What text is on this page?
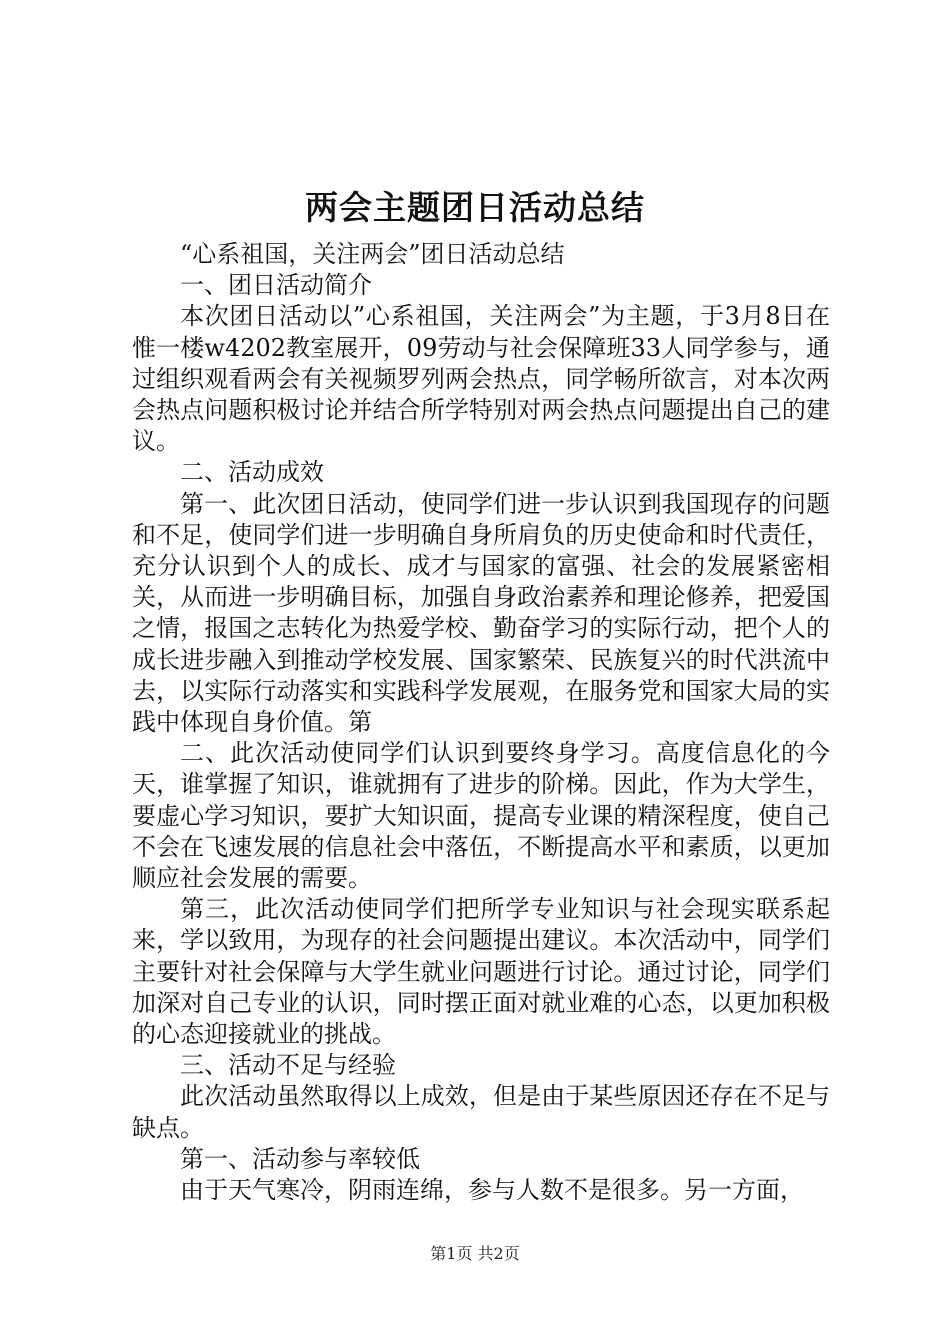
两会主题团日活动总结

“心系祖国，关注两会”团日活动总结

一、团日活动简介

本次团日活动以”心系祖国，关注两会”为主题，于3月8日在惟一楼w4202教室展开，09劳动与社会保障班33人同学参与，通过组织观看两会有关视频罗列两会热点，同学畅所欲言，对本次两会热点问题积极讨论并结合所学特别对两会热点问题提出自己的建议。

二、活动成效

第一、此次团日活动，使同学们进一步认识到我国现存的问题和不足，使同学们进一步明确自身所肩负的历史使命和时代责任，充分认识到个人的成长、成才与国家的富强、社会的发展紧密相关，从而进一步明确目标，加强自身政治素养和理论修养，把爱国之情，报国之志转化为热爱学校、勤奋学习的实际行动，把个人的成长进步融入到推动学校发展、国家繁荣、民族复兴的时代洪流中去，以实际行动落实和实践科学发展观，在服务党和国家大局的实践中体现自身价值。第

二、此次活动使同学们认识到要终身学习。高度信息化的今天，谁掌握了知识，谁就拥有了进步的阶梯。因此，作为大学生，要虚心学习知识，要扩大知识面，提高专业课的精深程度，使自己不会在飞速发展的信息社会中落伍，不断提高水平和素质，以更加顺应社会发展的需要。

第三，此次活动使同学们把所学专业知识与社会现实联系起来，学以致用，为现存的社会问题提出建议。本次活动中，同学们主要针对社会保障与大学生就业问题进行讨论。通过讨论，同学们加深对自己专业的认识，同时摆正面对就业难的心态，以更加积极的心态迎接就业的挑战。

三、活动不足与经验

此次活动虽然取得以上成效，但是由于某些原因还存在不足与缺点。

第一、活动参与率较低

由于天气寒冷，阴雨连绵，参与人数不是很多。另一方面，

第1页 共2页
